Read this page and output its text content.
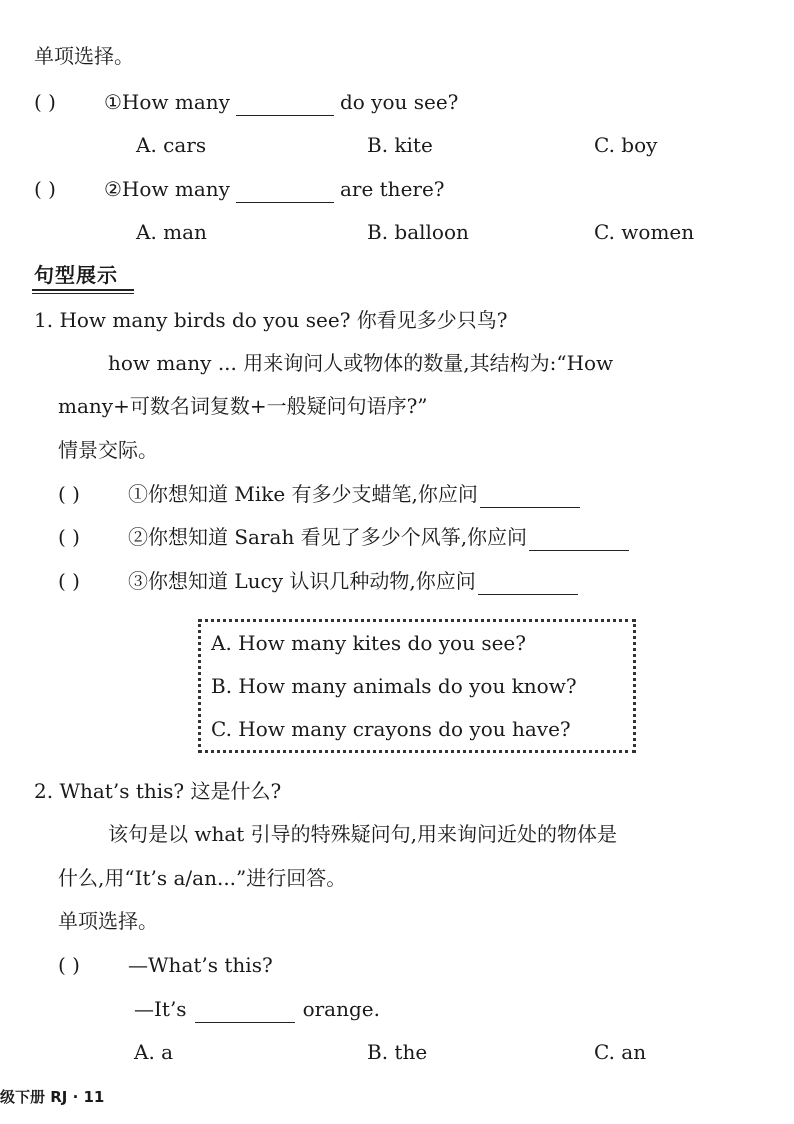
单项选择。
( ) ①How many	do you see?
A. cars	B. kite	C. boy
( ) ②How many	are there?
A. man	B. balloon	C. women
句型展示
1. How many birds do you see? 你看见多少只鸟?
how many ... 用来询问人或物体的数量,其结构为:“How
many+可数名词复数+一般疑问句语序?”
情景交际。
( ) ①你想知道 Mike 有多少支蜡笔,你应问
( ) ②你想知道 Sarah 看见了多少个风筝,你应问
( ) ③你想知道 Lucy 认识几种动物,你应问
A. How many kites do you see?
B. How many animals do you know?
C. How many crayons do you have?
2. What’s this? 这是什么?
该句是以 what 引导的特殊疑问句,用来询问近处的物体是
什么,用“It’s a/an...”进行回答。
单项选择。
( ) —What’s this?
—It’s	orange.
A. a	B. the	C. an
级下册 RJ · 11
